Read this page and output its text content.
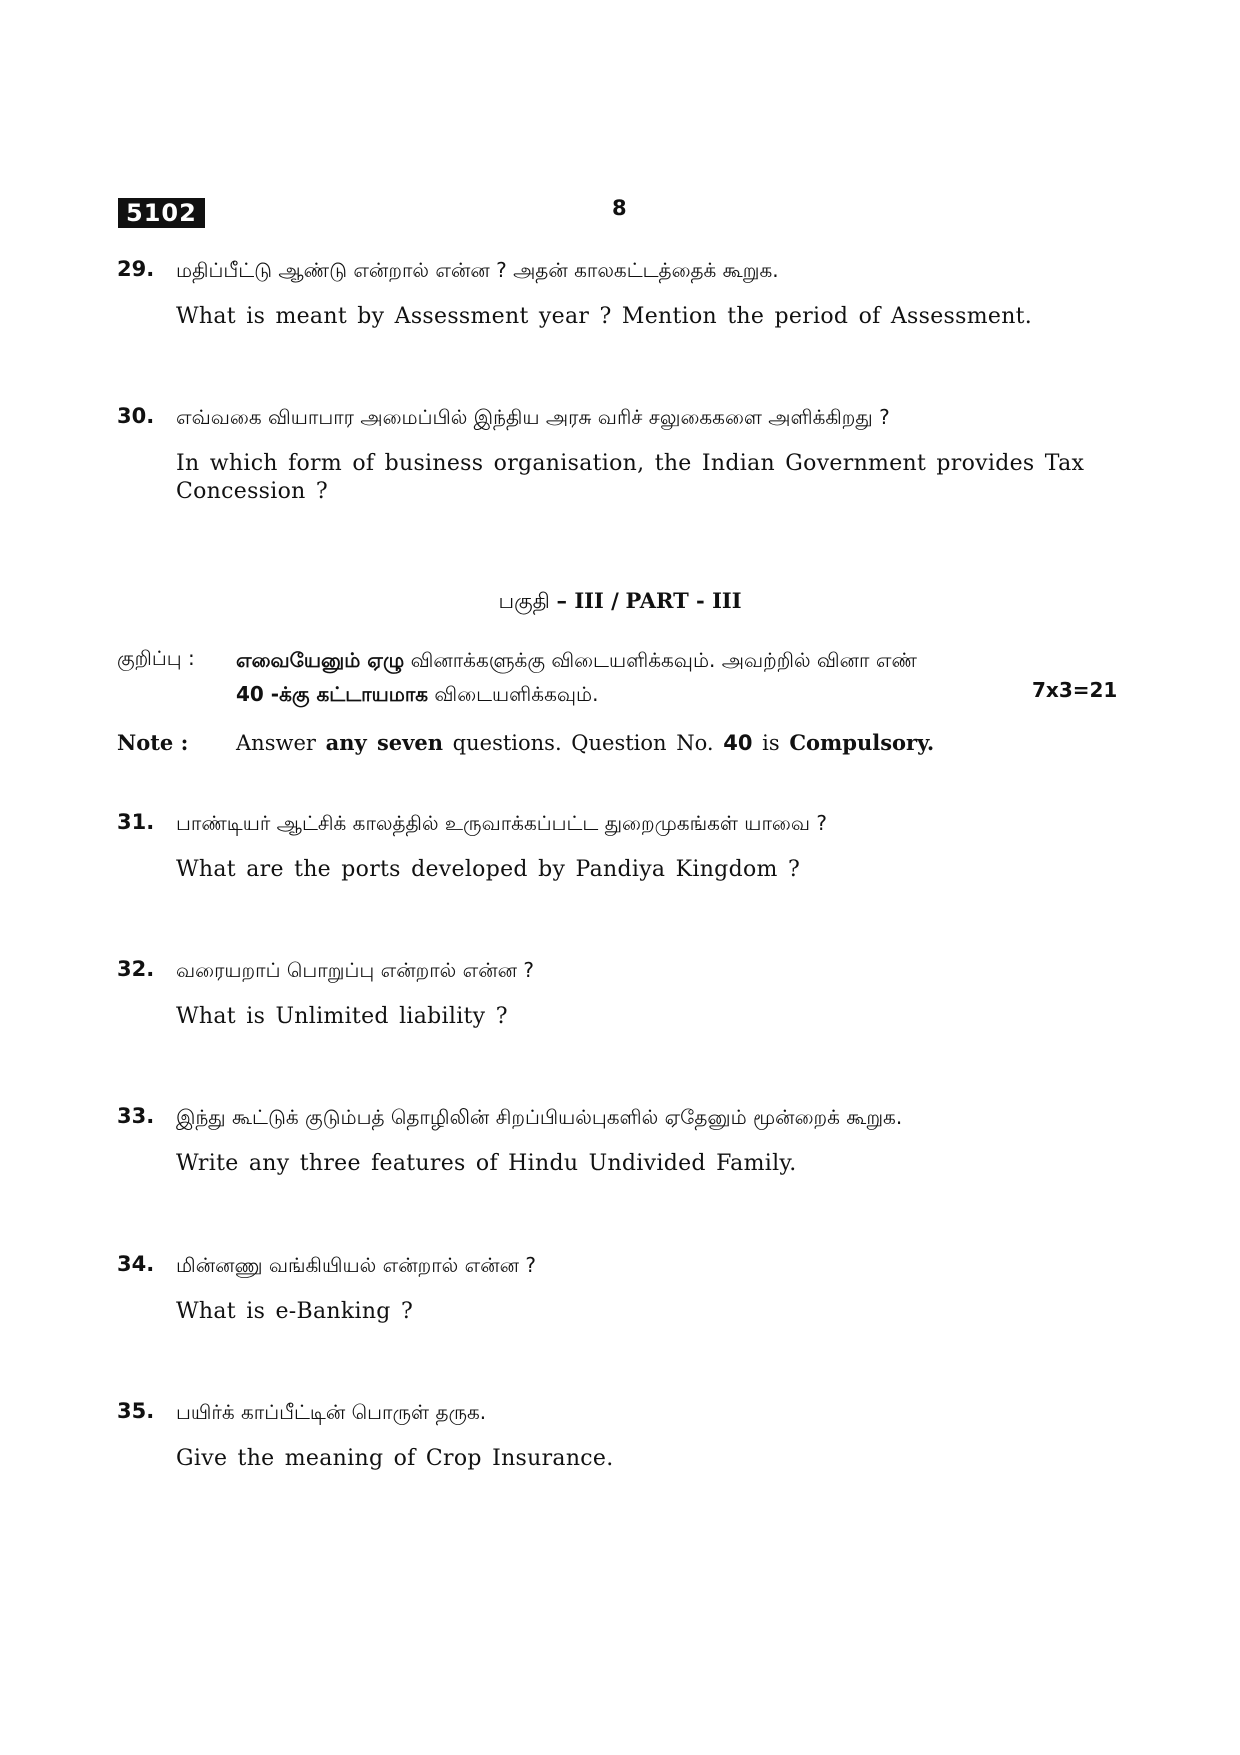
5102	8
29. மதிப்பீட்டு ஆண்டு என்றால் என்ன ? அதன் காலகட்டத்தைக் கூறுக.
What is meant by Assessment year ? Mention the period of Assessment.
30. எவ்வகை வியாபார அமைப்பில் இந்திய அரசு வரிச் சலுகைகளை அளிக்கிறது ?
In which form of business organisation, the Indian Government provides Tax Concession ?
பகுதி – III / PART - III
குறிப்பு : எவையேனும் ஏழு வினாக்களுக்கு விடையளிக்கவும். அவற்றில் வினா எண்
40 -க்கு கட்டாயமாக விடையளிக்கவும்.	7x3=21
Note : Answer any seven questions. Question No. 40 is Compulsory.
31. பாண்டியர் ஆட்சிக் காலத்தில் உருவாக்கப்பட்ட துறைமுகங்கள் யாவை ?
What are the ports developed by Pandiya Kingdom ?
32. வரையறாப் பொறுப்பு என்றால் என்ன ?
What is Unlimited liability ?
33. இந்து கூட்டுக் குடும்பத் தொழிலின் சிறப்பியல்புகளில் ஏதேனும் மூன்றைக் கூறுக.
Write any three features of Hindu Undivided Family.
34. மின்னணு வங்கியியல் என்றால் என்ன ?
What is e-Banking ?
35. பயிர்க் காப்பீட்டின் பொருள் தருக.
Give the meaning of Crop Insurance.
